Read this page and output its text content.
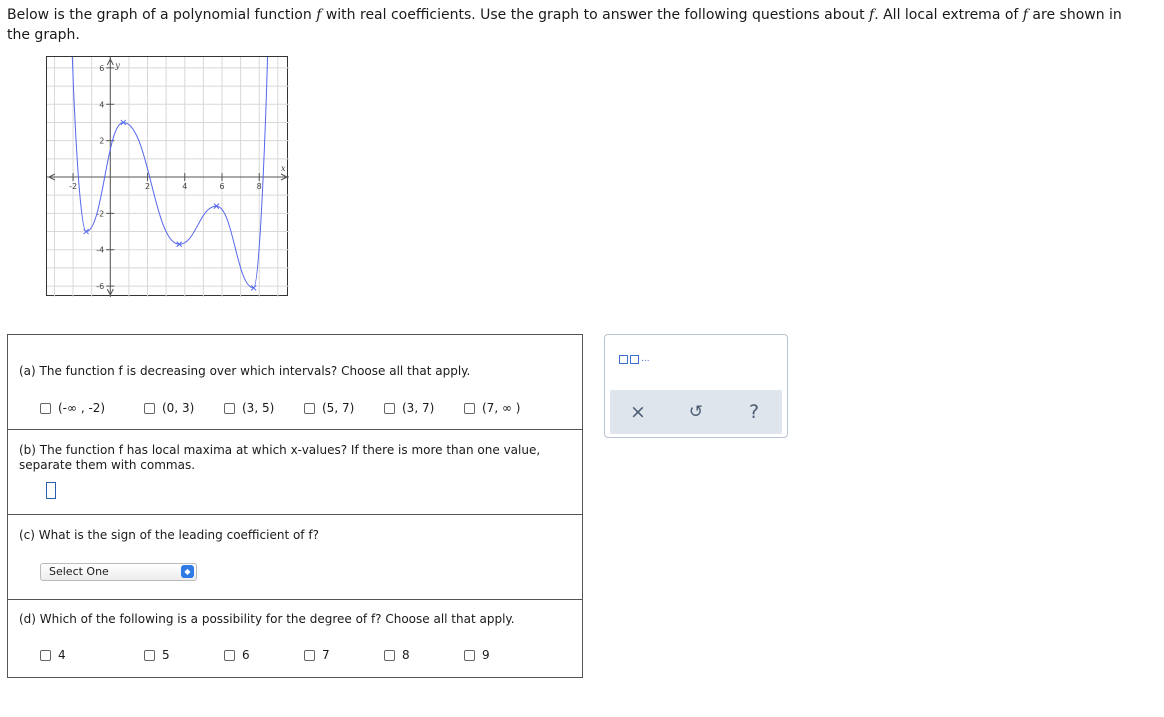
Below is the graph of a polynomial function f with real coefficients. Use the graph to answer the following questions about f. All local extrema of f are shown in the graph.
-2	2	4	6	8
6
4
2
-2
-4
-6
x
y
(a) The function f is decreasing over which intervals? Choose all that apply.
(-∞ , -2)	(0, 3)	(3, 5)	(5, 7)	(3, 7)	(7, ∞ )
(b) The function f has local maxima at which x-values? If there is more than one value,
separate them with commas.
(c) What is the sign of the leading coefficient of f?
Select One	◆
(d) Which of the following is a possibility for the degree of f? Choose all that apply.
4	5	6	7	8	9
...
×	↺	?
